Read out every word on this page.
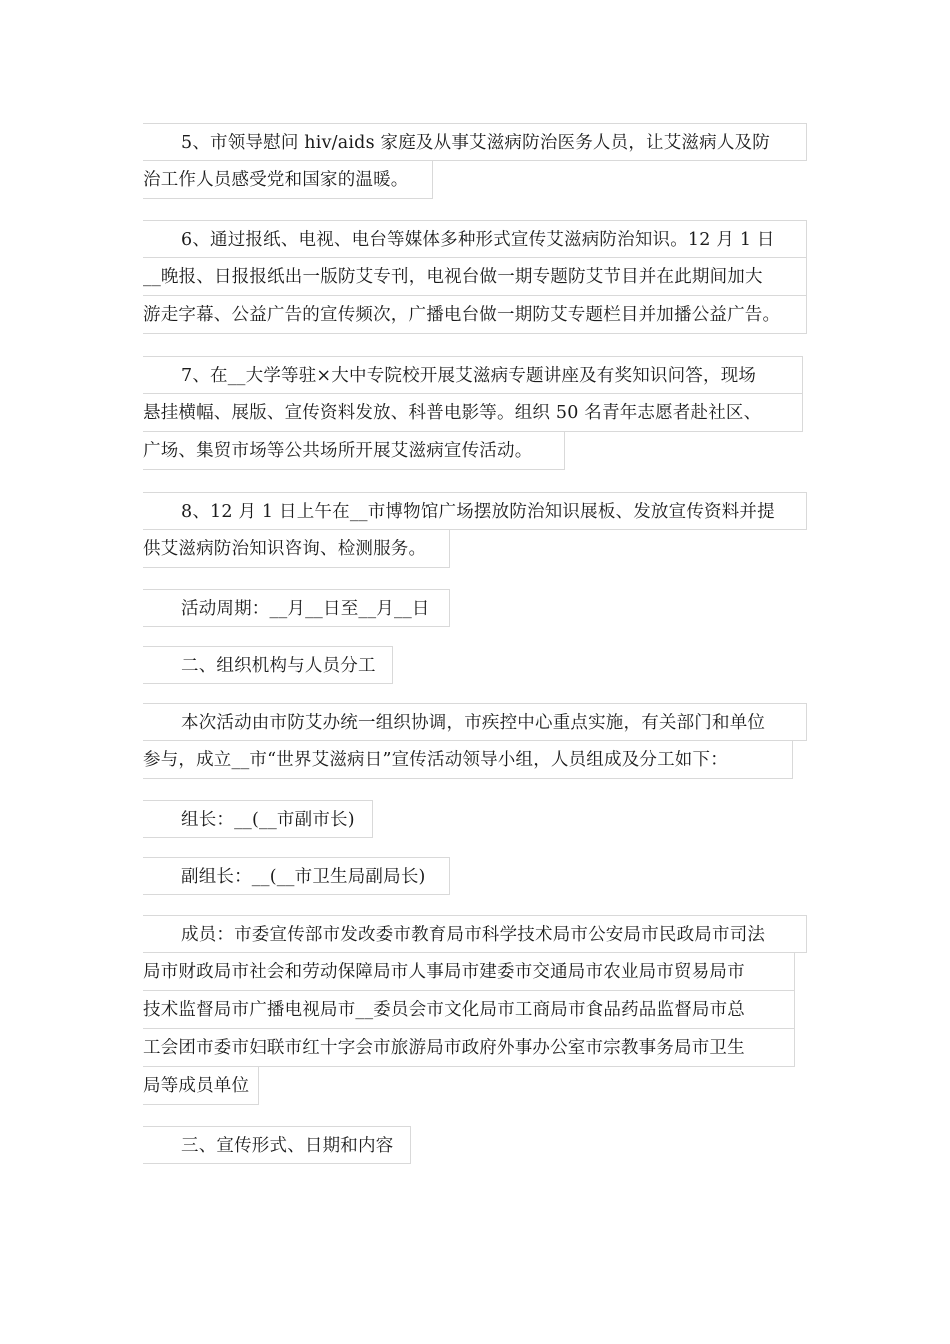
5、市领导慰问 hiv/aids 家庭及从事艾滋病防治医务人员，让艾滋病人及防
治工作人员感受党和国家的温暖。
6、通过报纸、电视、电台等媒体多种形式宣传艾滋病防治知识。12 月 1 日
__晚报、日报报纸出一版防艾专刊，电视台做一期专题防艾节目并在此期间加大
游走字幕、公益广告的宣传频次，广播电台做一期防艾专题栏目并加播公益广告。
7、在__大学等驻×大中专院校开展艾滋病专题讲座及有奖知识问答，现场
悬挂横幅、展版、宣传资料发放、科普电影等。组织 50 名青年志愿者赴社区、
广场、集贸市场等公共场所开展艾滋病宣传活动。
8、12 月 1 日上午在__市博物馆广场摆放防治知识展板、发放宣传资料并提
供艾滋病防治知识咨询、检测服务。
活动周期：__月__日至__月__日
二、组织机构与人员分工
本次活动由市防艾办统一组织协调，市疾控中心重点实施，有关部门和单位
参与，成立__市“世界艾滋病日”宣传活动领导小组，人员组成及分工如下：
组长：__(__市副市长)
副组长：__(__市卫生局副局长)
成员：市委宣传部市发改委市教育局市科学技术局市公安局市民政局市司法
局市财政局市社会和劳动保障局市人事局市建委市交通局市农业局市贸易局市
技术监督局市广播电视局市__委员会市文化局市工商局市食品药品监督局市总
工会团市委市妇联市红十字会市旅游局市政府外事办公室市宗教事务局市卫生
局等成员单位
三、宣传形式、日期和内容
